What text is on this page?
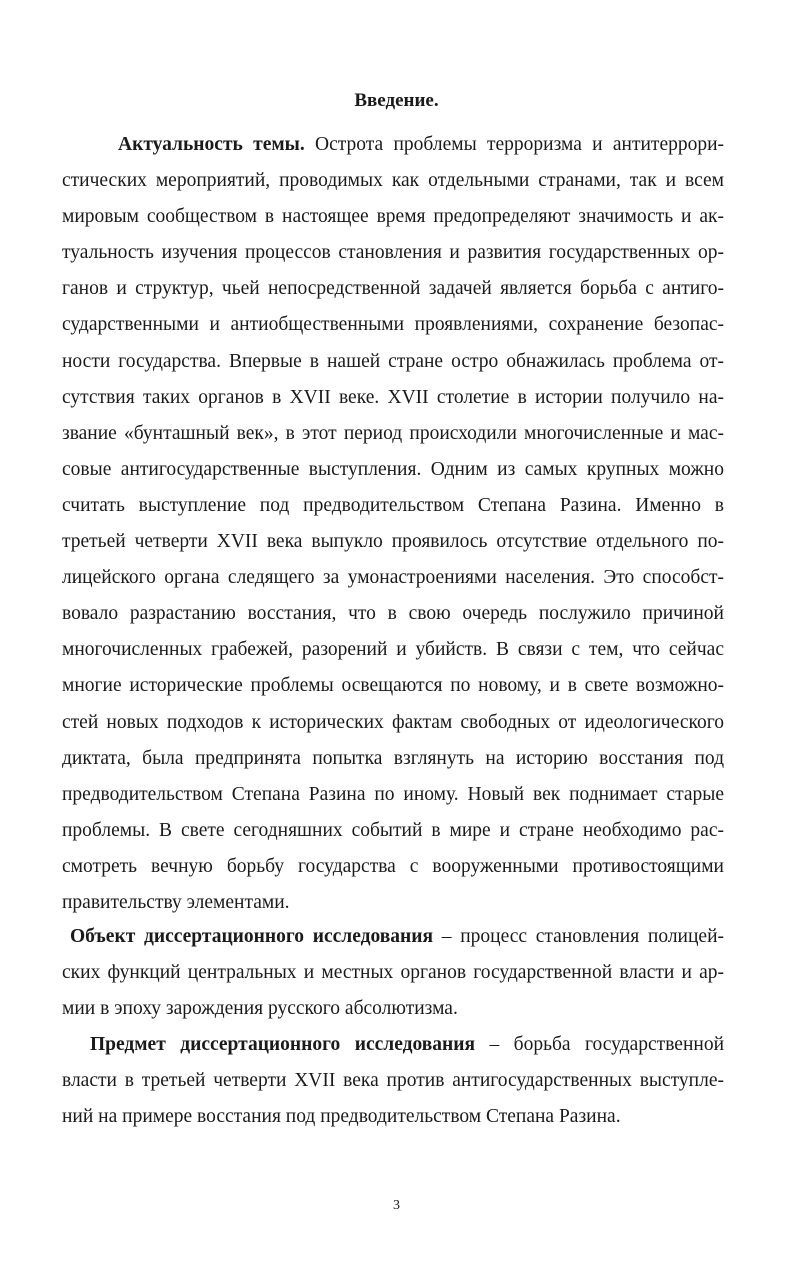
Введение.
Актуальность темы. Острота проблемы терроризма и антитеррори-
стических мероприятий, проводимых как отдельными странами, так и всем
мировым сообществом в настоящее время предопределяют значимость и ак-
туальность изучения процессов становления и развития государственных ор-
ганов и структур, чьей непосредственной задачей является борьба с антиго-
сударственными и антиобщественными проявлениями, сохранение безопас-
ности государства. Впервые в нашей стране остро обнажилась проблема от-
сутствия таких органов в XVII веке. XVII столетие в истории получило на-
звание «бунташный век», в этот период происходили многочисленные и мас-
совые антигосударственные выступления. Одним из самых крупных можно
считать выступление под предводительством Степана Разина. Именно в
третьей четверти XVII века выпукло проявилось отсутствие отдельного по-
лицейского органа следящего за умонастроениями населения. Это способст-
вовало разрастанию восстания, что в свою очередь послужило причиной
многочисленных грабежей, разорений и убийств. В связи с тем, что сейчас
многие исторические проблемы освещаются по новому, и в свете возможно-
стей новых подходов к исторических фактам свободных от идеологического
диктата, была предпринята попытка взглянуть на историю восстания под
предводительством Степана Разина по иному. Новый век поднимает старые
проблемы. В свете сегодняшних событий в мире и стране необходимо рас-
смотреть вечную борьбу государства с вооруженными противостоящими
правительству элементами.
Объект диссертационного исследования – процесс становления полицей-
ских функций центральных и местных органов государственной власти и ар-
мии в эпоху зарождения русского абсолютизма.
Предмет диссертационного исследования – борьба государственной
власти в третьей четверти XVII века против антигосударственных выступле-
ний на примере восстания под предводительством Степана Разина.
3
